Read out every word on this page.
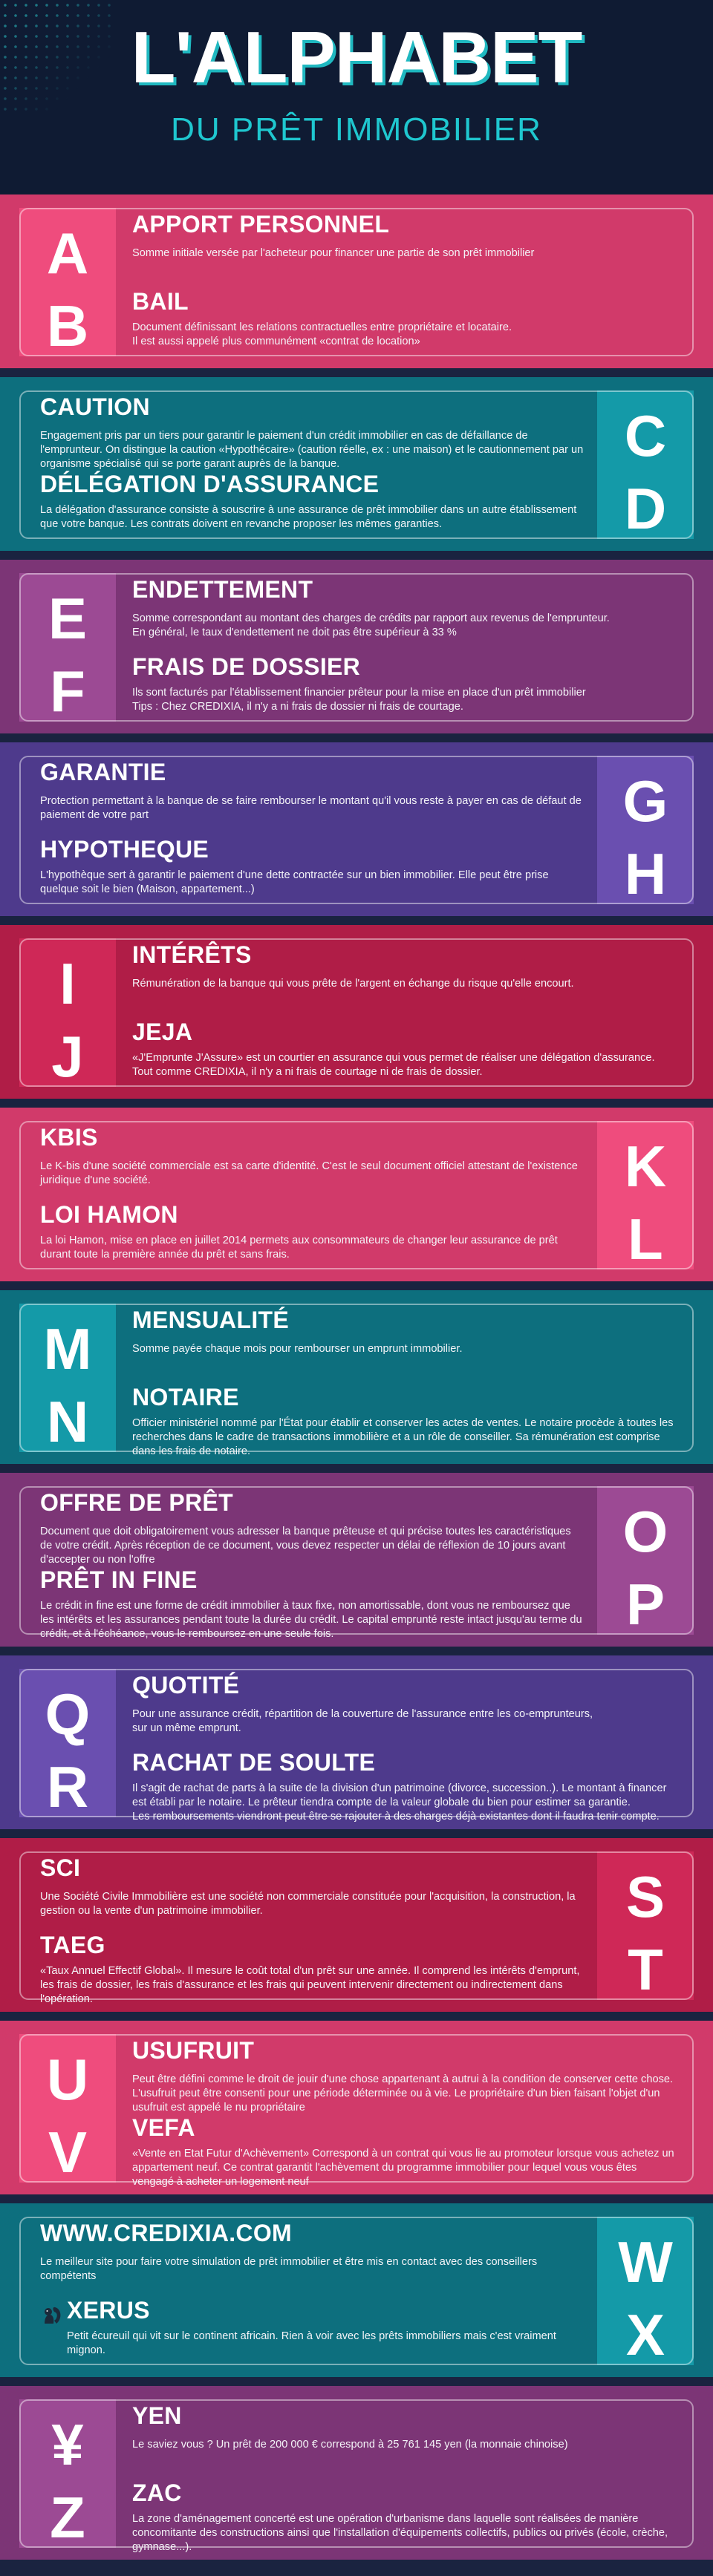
L'ALPHABET
DU PRÊT IMMOBILIER
A
B
APPORT PERSONNEL
Somme initiale versée par l'acheteur pour financer une partie de son prêt immobilier
BAIL
Document définissant les relations contractuelles entre propriétaire et locataire.
Il est aussi appelé plus communément «contrat de location»
C
D
CAUTION
Engagement pris par un tiers pour garantir le paiement d'un crédit immobilier en cas de défaillance de l'emprunteur. On distingue la caution «Hypothécaire» (caution réelle, ex : une maison) et le cautionnement par un organisme spécialisé qui se porte garant auprès de la banque.
DÉLÉGATION D'ASSURANCE
La délégation d'assurance consiste à souscrire à une assurance de prêt immobilier dans un autre établissement que votre banque. Les contrats doivent en revanche proposer les mêmes garanties.
E
F
ENDETTEMENT
Somme correspondant au montant des charges de crédits par rapport aux revenus de l'emprunteur.
En général, le taux d'endettement ne doit pas être supérieur à 33 %
FRAIS DE DOSSIER
Ils sont facturés par l'établissement financier prêteur pour la mise en place d'un prêt immobilier
Tips : Chez CREDIXIA, il n'y a ni frais de dossier ni frais de courtage.
G
H
GARANTIE
Protection permettant à la banque de se faire rembourser le montant qu'il vous reste à payer en cas de défaut de paiement de votre part
HYPOTHEQUE
L'hypothèque sert à garantir le paiement d'une dette contractée sur un bien immobilier. Elle peut être prise quelque soit le bien (Maison, appartement...)
I
J
INTÉRÊTS
Rémunération de la banque qui vous prête de l'argent en échange du risque qu'elle encourt.
JEJA
«J'Emprunte J'Assure» est un courtier en assurance qui vous permet de réaliser une délégation d'assurance.
Tout comme CREDIXIA, il n'y a ni frais de courtage ni de frais de dossier.
K
L
KBIS
Le K-bis d'une société commerciale est sa carte d'identité. C'est le seul document officiel attestant de l'existence juridique d'une société.
LOI HAMON
La loi Hamon, mise en place en juillet 2014 permets aux consommateurs de changer leur assurance de prêt durant toute la première année du prêt et sans frais.
M
N
MENSUALITÉ
Somme payée chaque mois pour rembourser un emprunt immobilier.
NOTAIRE
Officier ministériel nommé par l'État pour établir et conserver les actes de ventes. Le notaire procède à toutes les recherches dans le cadre de transactions immobilière et a un rôle de conseiller. Sa rémunération est comprise dans les frais de notaire.
O
P
OFFRE DE PRÊT
Document que doit obligatoirement vous adresser la banque prêteuse et qui précise toutes les caractéristiques de votre crédit. Après réception de ce document, vous devez respecter un délai de réflexion de 10 jours avant d'accepter ou non l'offre
PRÊT IN FINE
Le crédit in fine est une forme de crédit immobilier à taux fixe, non amortissable, dont vous ne remboursez que les intérêts et les assurances pendant toute la durée du crédit. Le capital emprunté reste intact jusqu'au terme du crédit, et à l'échéance, vous le remboursez en une seule fois.
Q
R
QUOTITÉ
Pour une assurance crédit, répartition de la couverture de l'assurance entre les co-emprunteurs,
sur un même emprunt.
RACHAT DE SOULTE
Il s'agit de rachat de parts à la suite de la division d'un patrimoine (divorce, succession..). Le montant à financer est établi par le notaire. Le prêteur tiendra compte de la valeur globale du bien pour estimer sa garantie.
Les remboursements viendront peut être se rajouter à des charges déjà existantes dont il faudra tenir compte.
S
T
SCI
Une Société Civile Immobilière est une société non commerciale constituée pour l'acquisition, la construction, la gestion ou la vente d'un patrimoine immobilier.
TAEG
«Taux Annuel Effectif Global». Il mesure le coût total d'un prêt sur une année. Il comprend les intérêts d'emprunt, les frais de dossier, les frais d'assurance et les frais qui peuvent intervenir directement ou indirectement dans l'opération.
U
V
USUFRUIT
Peut être défini comme le droit de jouir d'une chose appartenant à autrui à la condition de conserver cette chose. L'usufruit peut être consenti pour une période déterminée ou à vie. Le propriétaire d'un bien faisant l'objet d'un usufruit est appelé le nu propriétaire
VEFA
«Vente en Etat Futur d'Achèvement» Correspond à un contrat qui vous lie au promoteur lorsque vous achetez un appartement neuf. Ce contrat garantit l'achèvement du programme immobilier pour lequel vous vous êtes vengagé à acheter un logement neuf
W
X
WWW.CREDIXIA.COM
Le meilleur site pour faire votre simulation de prêt immobilier et être mis en contact avec des conseillers compétents
XERUS
Petit écureuil qui vit sur le continent africain. Rien à voir avec les prêts immobiliers mais c'est vraiment mignon.
¥
Z
YEN
Le saviez vous ? Un prêt de 200 000 € correspond à 25 761 145 yen (la monnaie chinoise)
ZAC
La zone d'aménagement concerté est une opération d'urbanisme dans laquelle sont réalisées de manière concomitante des constructions ainsi que l'installation d'équipements collectifs, publics ou privés (école, crèche, gymnase...).
